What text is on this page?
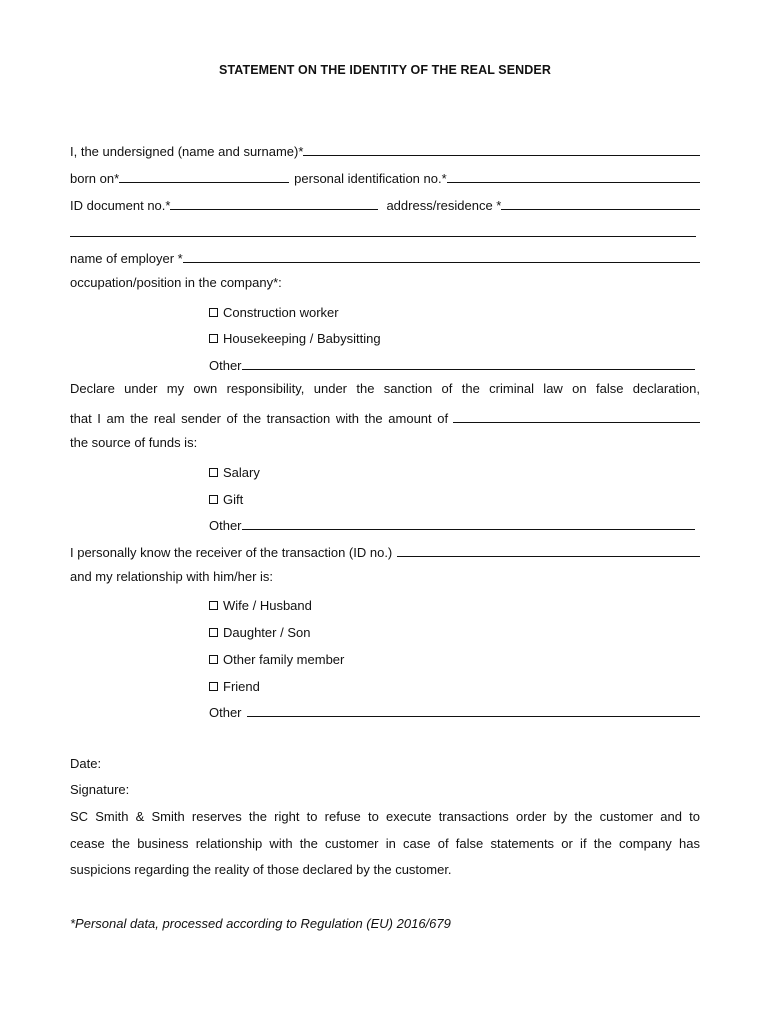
STATEMENT ON THE IDENTITY OF THE REAL SENDER
I, the undersigned (name and surname)*
born on*	personal identification no.*
ID document no.*	address/residence *
name of employer *
occupation/position in the company*:
Construction worker
Housekeeping / Babysitting
Other
Declare under my own responsibility, under the sanction of the criminal law on false declaration,
that I am the real sender of the transaction with the amount of
the source of funds is:
Salary
Gift
Other
I personally know the receiver of the transaction (ID no.)
and my relationship with him/her is:
Wife / Husband
Daughter / Son
Other family member
Friend
Other
Date:
Signature:
SC Smith & Smith reserves the right to refuse to execute transactions order by the customer and to
cease the business relationship with the customer in case of false statements or if the company has
suspicions regarding the reality of those declared by the customer.
*Personal data, processed according to Regulation (EU) 2016/679
